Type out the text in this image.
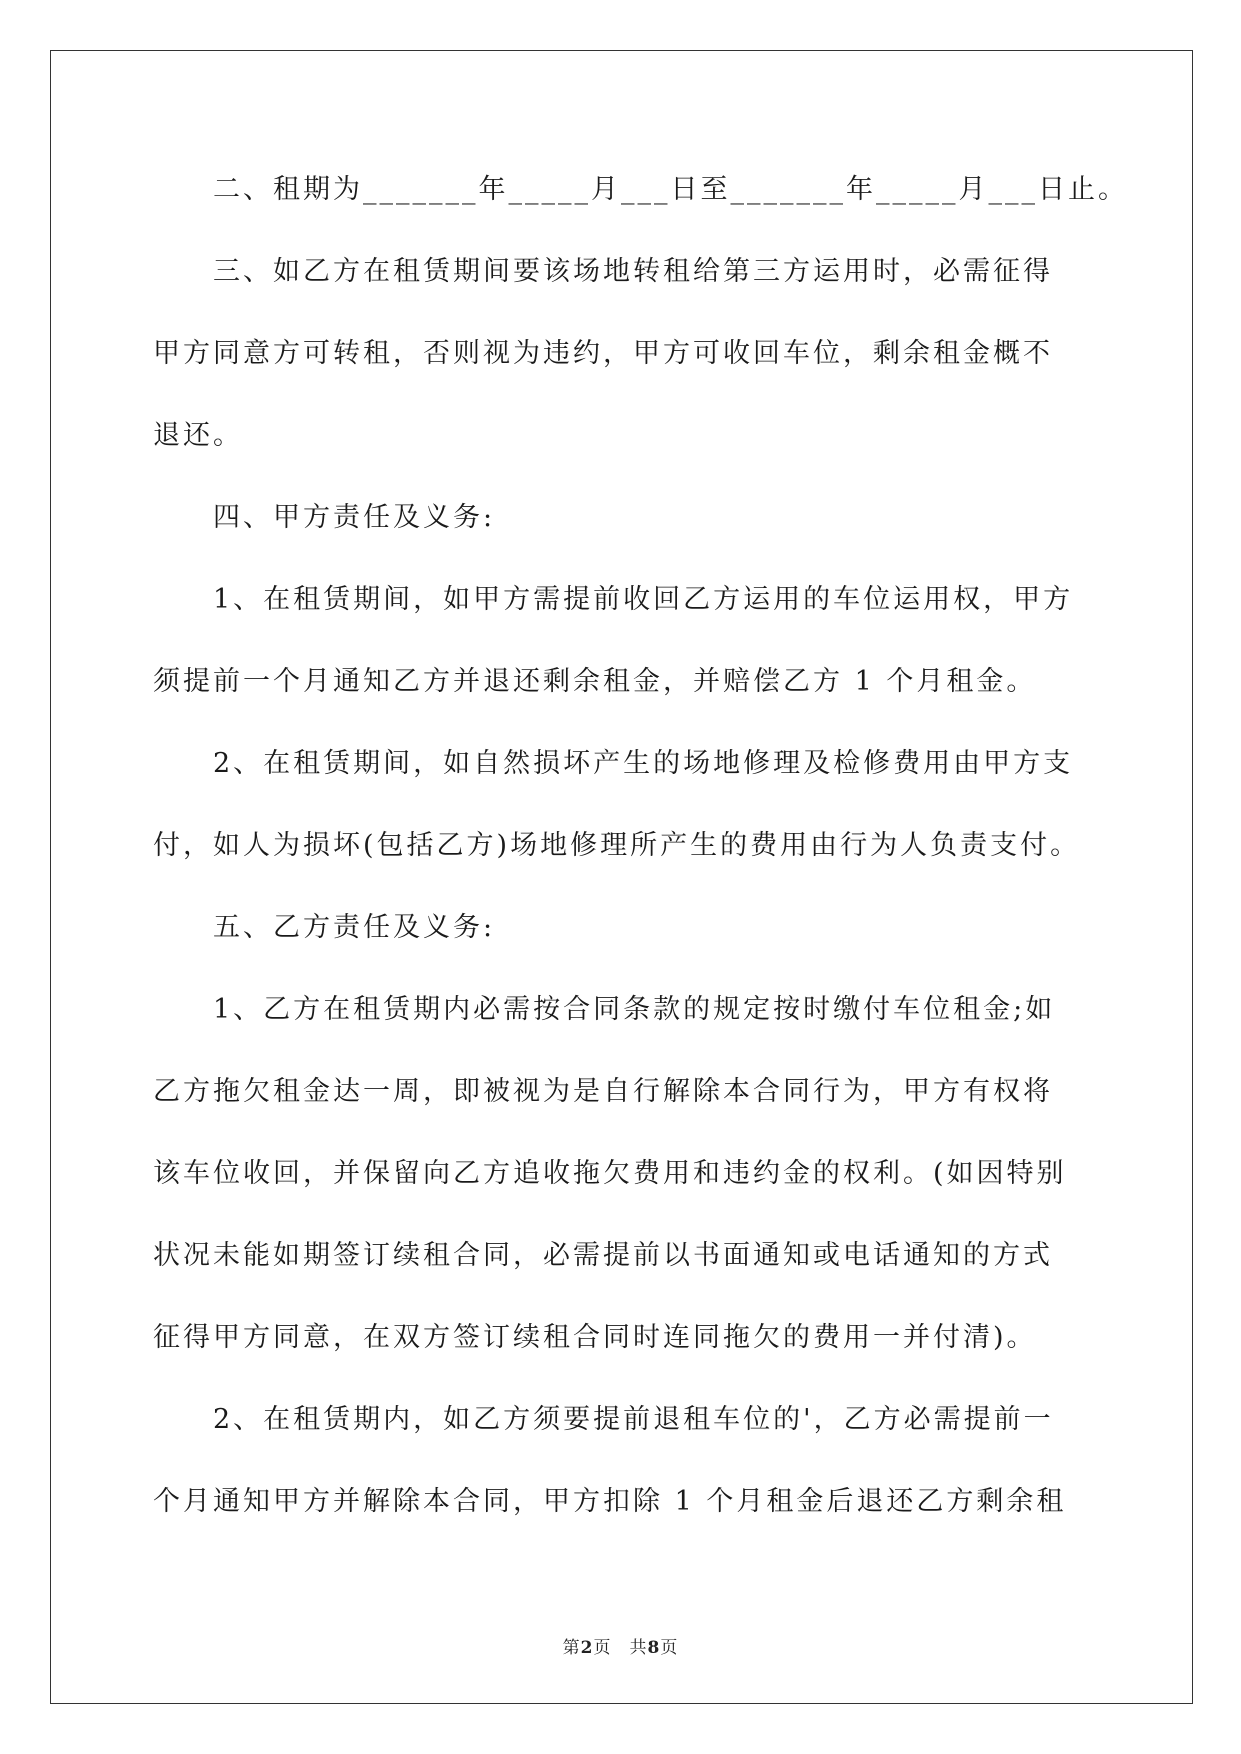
　　二、租期为_______年_____月___日至_______年_____月___日止。
　　三、如乙方在租赁期间要该场地转租给第三方运用时，必需征得
甲方同意方可转租，否则视为违约，甲方可收回车位，剩余租金概不
退还。
　　四、甲方责任及义务:
　　1、在租赁期间，如甲方需提前收回乙方运用的车位运用权，甲方
须提前一个月通知乙方并退还剩余租金，并赔偿乙方 1 个月租金。
　　2、在租赁期间，如自然损坏产生的场地修理及检修费用由甲方支
付，如人为损坏(包括乙方)场地修理所产生的费用由行为人负责支付。
　　五、乙方责任及义务:
　　1、乙方在租赁期内必需按合同条款的规定按时缴付车位租金;如
乙方拖欠租金达一周，即被视为是自行解除本合同行为，甲方有权将
该车位收回，并保留向乙方追收拖欠费用和违约金的权利。(如因特别
状况未能如期签订续租合同，必需提前以书面通知或电话通知的方式
征得甲方同意，在双方签订续租合同时连同拖欠的费用一并付清)。
　　2、在租赁期内，如乙方须要提前退租车位的'，乙方必需提前一
个月通知甲方并解除本合同，甲方扣除 1 个月租金后退还乙方剩余租
第2页　共8页
